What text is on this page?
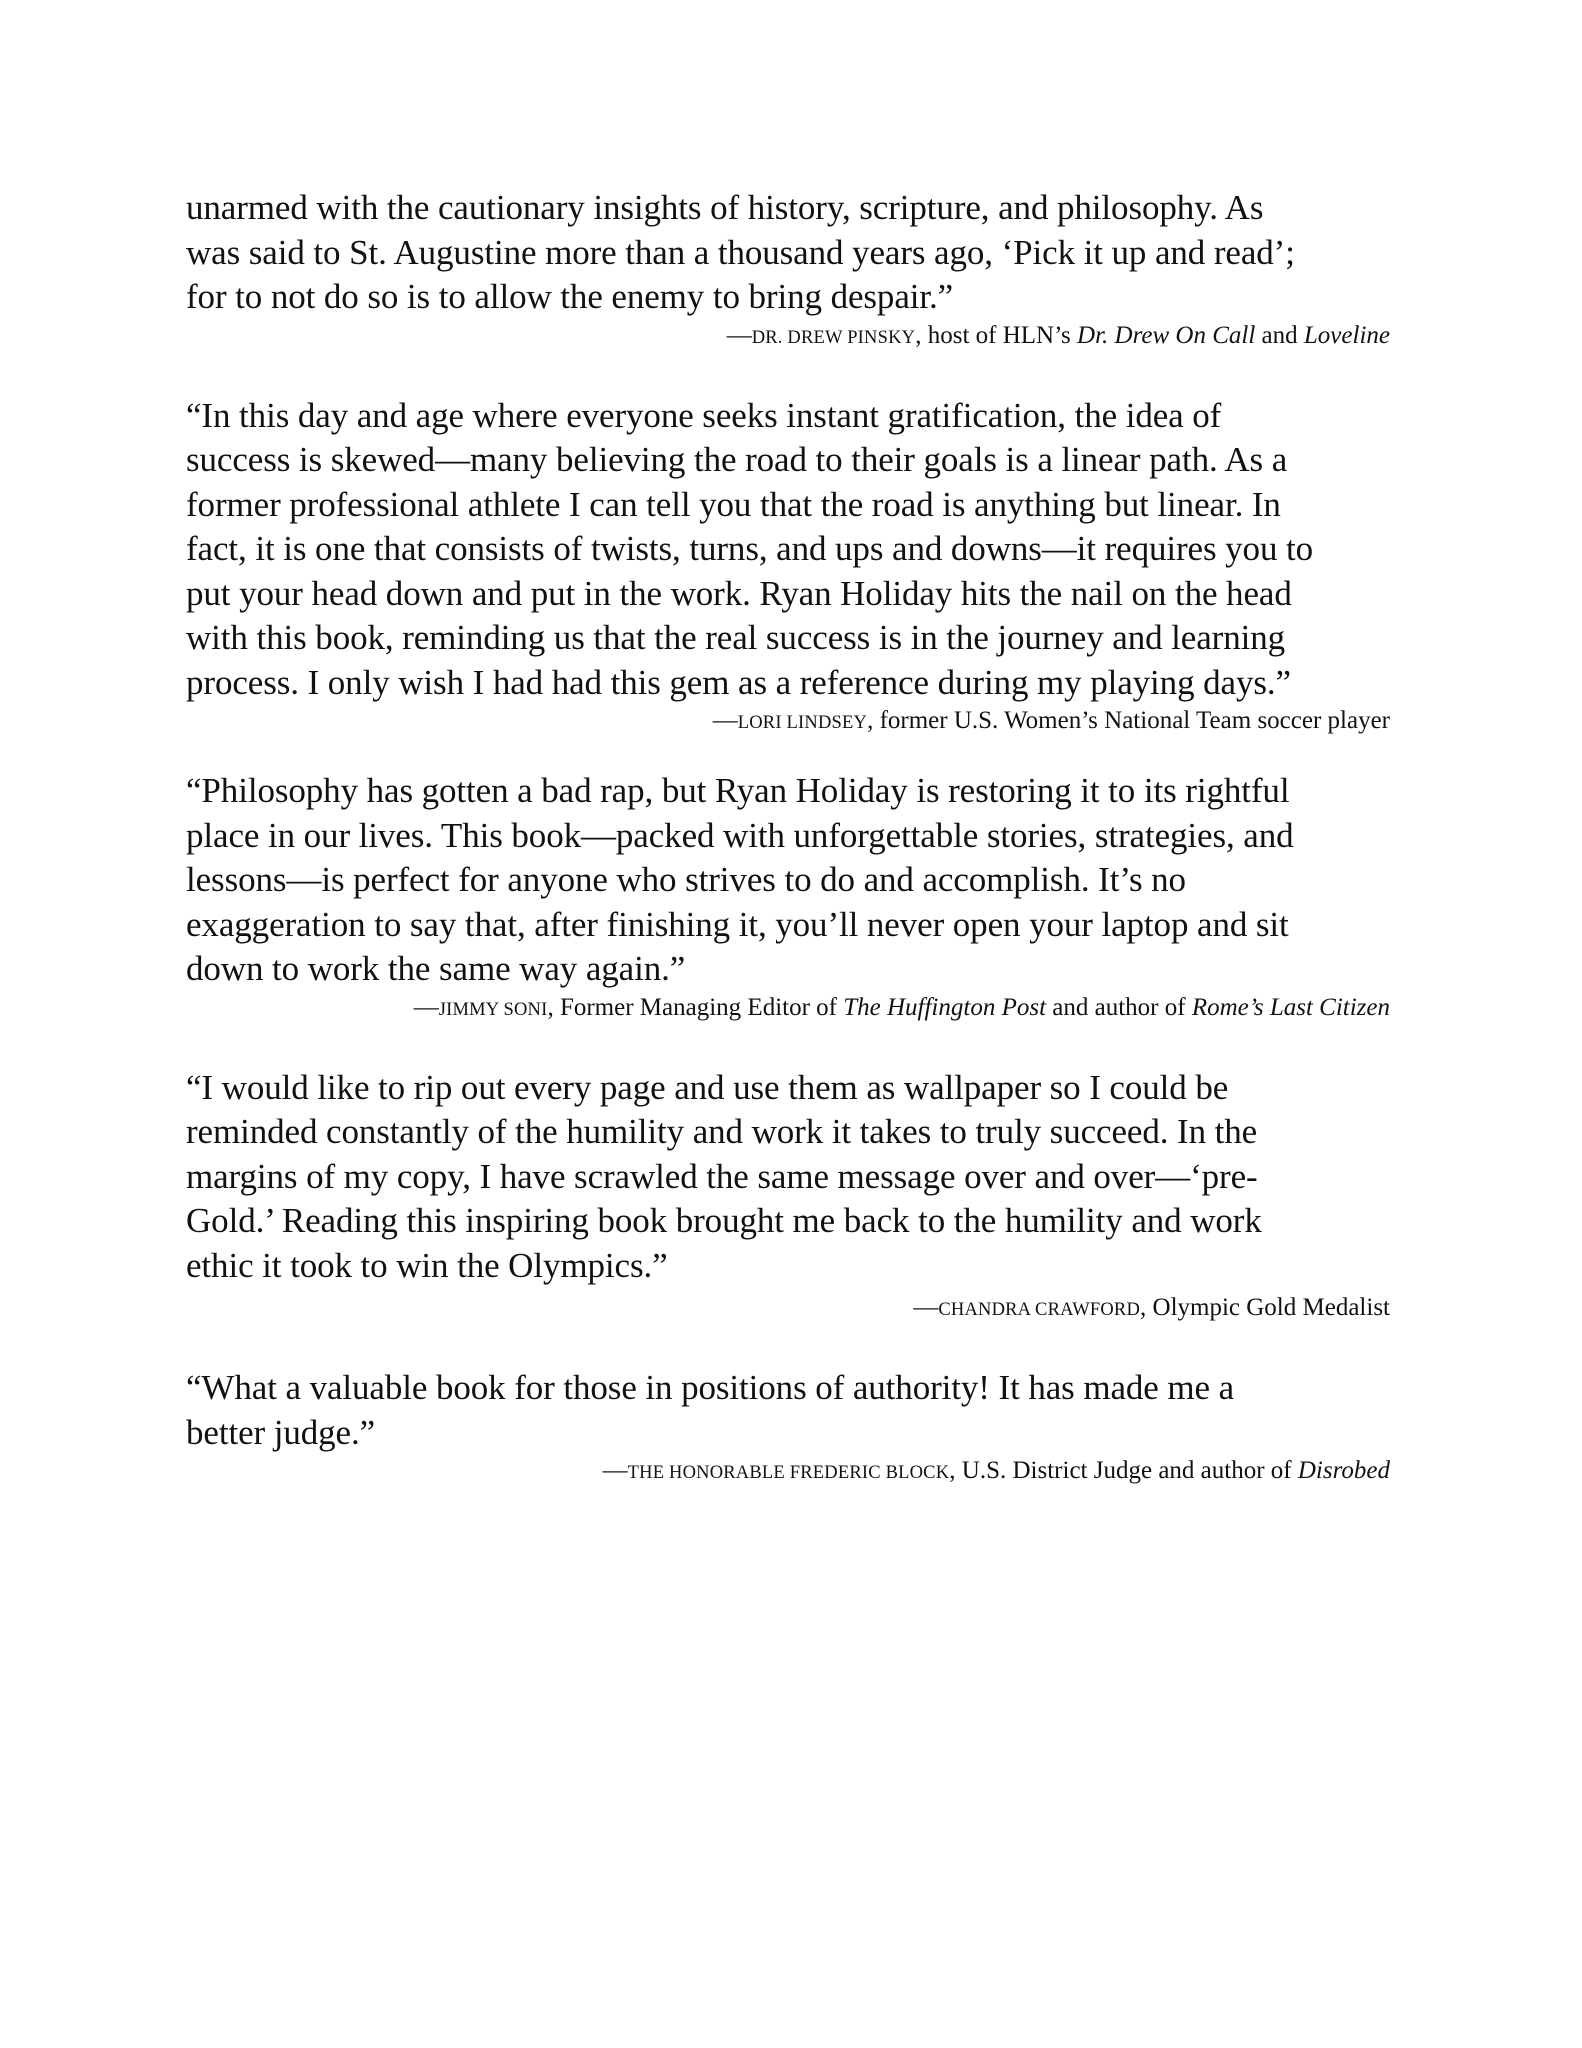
unarmed with the cautionary insights of history, scripture, and philosophy. As
was said to St. Augustine more than a thousand years ago, ‘Pick it up and read’;
for to not do so is to allow the enemy to bring despair.”

—DR. DREW PINSKY, host of HLN’s Dr. Drew On Call and Loveline

“In this day and age where everyone seeks instant gratification, the idea of
success is skewed—many believing the road to their goals is a linear path. As a
former professional athlete I can tell you that the road is anything but linear. In
fact, it is one that consists of twists, turns, and ups and downs—it requires you to
put your head down and put in the work. Ryan Holiday hits the nail on the head
with this book, reminding us that the real success is in the journey and learning
process. I only wish I had had this gem as a reference during my playing days.”

—LORI LINDSEY, former U.S. Women’s National Team soccer player

“Philosophy has gotten a bad rap, but Ryan Holiday is restoring it to its rightful
place in our lives. This book—packed with unforgettable stories, strategies, and
lessons—is perfect for anyone who strives to do and accomplish. It’s no
exaggeration to say that, after finishing it, you’ll never open your laptop and sit
down to work the same way again.”

—JIMMY SONI, Former Managing Editor of The Huffington Post and author of Rome’s Last Citizen

“I would like to rip out every page and use them as wallpaper so I could be
reminded constantly of the humility and work it takes to truly succeed. In the
margins of my copy, I have scrawled the same message over and over—‘pre-
Gold.’ Reading this inspiring book brought me back to the humility and work
ethic it took to win the Olympics.”

—CHANDRA CRAWFORD, Olympic Gold Medalist

“What a valuable book for those in positions of authority! It has made me a
better judge.”

—THE HONORABLE FREDERIC BLOCK, U.S. District Judge and author of Disrobed
